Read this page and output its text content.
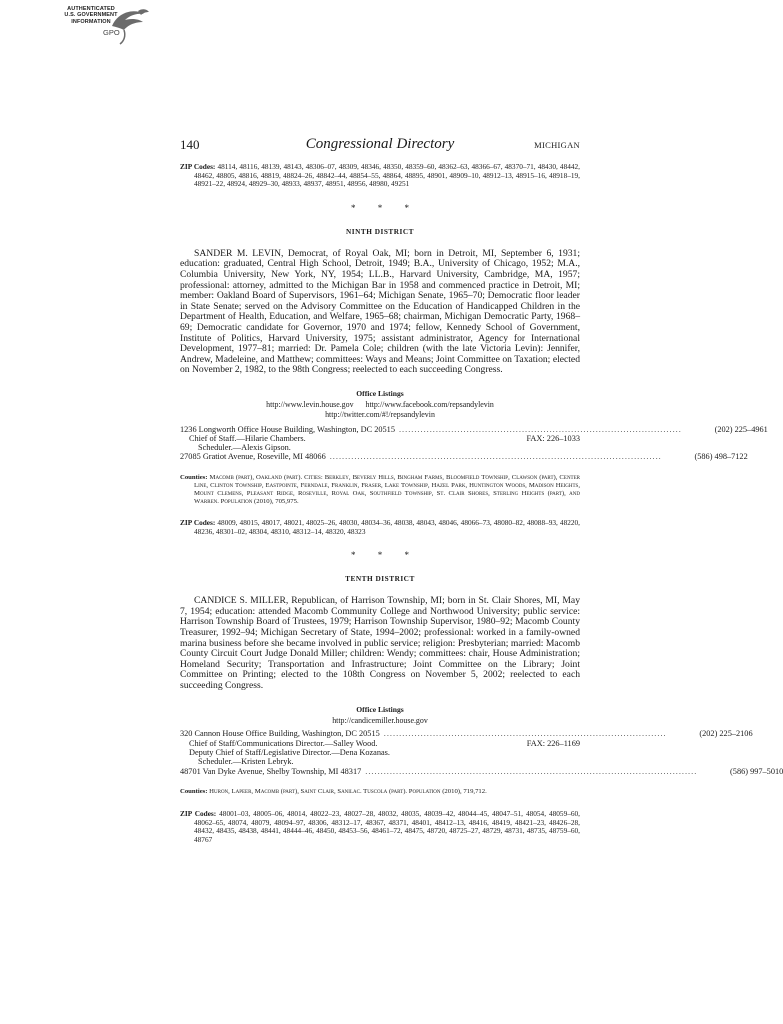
AUTHENTICATED
U.S. GOVERNMENT
INFORMATION
GPO
140	Congressional Directory	MICHIGAN

ZIP Codes: 48114, 48116, 48139, 48143, 48306–07, 48309, 48346, 48350, 48359–60, 48362–63, 48366–67, 48370–71, 48430, 48442, 48462, 48805, 48816, 48819, 48824–26, 48842–44, 48854–55, 48864, 48895, 48901, 48909–10, 48912–13, 48915–16, 48918–19, 48921–22, 48924, 48929–30, 48933, 48937, 48951, 48956, 48980, 49251

* * *
NINTH DISTRICT

SANDER M. LEVIN, Democrat, of Royal Oak, MI; born in Detroit, MI, September 6, 1931; education: graduated, Central High School, Detroit, 1949; B.A., University of Chicago, 1952; M.A., Columbia University, New York, NY, 1954; LL.B., Harvard University, Cambridge, MA, 1957; professional: attorney, admitted to the Michigan Bar in 1958 and commenced practice in Detroit, MI; member: Oakland Board of Supervisors, 1961–64; Michigan Senate, 1965–70; Democratic floor leader in State Senate; served on the Advisory Committee on the Education of Handicapped Children in the Department of Health, Education, and Welfare, 1965–68; chairman, Michigan Democratic Party, 1968–69; Democratic candidate for Governor, 1970 and 1974; fellow, Kennedy School of Government, Institute of Politics, Harvard University, 1975; assistant administrator, Agency for International Development, 1977–81; married: Dr. Pamela Cole; children (with the late Victoria Levin): Jennifer, Andrew, Madeleine, and Matthew; committees: Ways and Means; Joint Committee on Taxation; elected on November 2, 1982, to the 98th Congress; reelected to each succeeding Congress.

Office Listings
http://www.levin.house.gov http://www.facebook.com/repsandylevin
http://twitter.com/#!/repsandylevin
1236 Longworth Office House Building, Washington, DC 20515 ............................................................................................	(202) 225–4961
Chief of Staff.—Hilarie Chambers.	FAX: 226–1033
Scheduler.—Alexis Gipson.
27085 Gratiot Avenue, Roseville, MI 48066 ............................................................................................................	(586) 498–7122

Counties: Macomb (part), Oakland (part). Cities: Berkley, Beverly Hills, Bingham Farms, Bloomfield Township, Clawson (part), Center Line, Clinton Township, Eastpointe, Ferndale, Franklin, Fraser, Lake Township, Hazel Park, Huntington Woods, Madison Heights, Mount Clemens, Pleasant Ridge, Roseville, Royal Oak, Southfield Township, St. Clair Shores, Sterling Heights (part), and Warren. Population (2010), 705,975.

ZIP Codes: 48009, 48015, 48017, 48021, 48025–26, 48030, 48034–36, 48038, 48043, 48046, 48066–73, 48080–82, 48088–93, 48220, 48236, 48301–02, 48304, 48310, 48312–14, 48320, 48323

* * *
TENTH DISTRICT

CANDICE S. MILLER, Republican, of Harrison Township, MI; born in St. Clair Shores, MI, May 7, 1954; education: attended Macomb Community College and Northwood University; public service: Harrison Township Board of Trustees, 1979; Harrison Township Supervisor, 1980–92; Macomb County Treasurer, 1992–94; Michigan Secretary of State, 1994–2002; professional: worked in a family-owned marina business before she became involved in public service; religion: Presbyterian; married: Macomb County Circuit Court Judge Donald Miller; children: Wendy; committees: chair, House Administration; Homeland Security; Transportation and Infrastructure; Joint Committee on the Library; Joint Committee on Printing; elected to the 108th Congress on November 5, 2002; reelected to each succeeding Congress.

Office Listings
http://candicemiller.house.gov
320 Cannon House Office Building, Washington, DC 20515 ............................................................................................	(202) 225–2106
Chief of Staff/Communications Director.—Salley Wood.	FAX: 226–1169
Deputy Chief of Staff/Legislative Director.—Dena Kozanas.
Scheduler.—Kristen Lebryk.
48701 Van Dyke Avenue, Shelby Township, MI 48317 ............................................................................................................	(586) 997–5010

Counties: Huron, Lapeer, Macomb (part), Saint Clair, Sanilac. Tuscola (part). Population (2010), 719,712.

ZIP Codes: 48001–03, 48005–06, 48014, 48022–23, 48027–28, 48032, 48035, 48039–42, 48044–45, 48047–51, 48054, 48059–60, 48062–65, 48074, 48079, 48094–97, 48306, 48312–17, 48367, 48371, 48401, 48412–13, 48416, 48419, 48421–23, 48426–28, 48432, 48435, 48438, 48441, 48444–46, 48450, 48453–56, 48461–72, 48475, 48720, 48725–27, 48729, 48731, 48735, 48759–60, 48767
